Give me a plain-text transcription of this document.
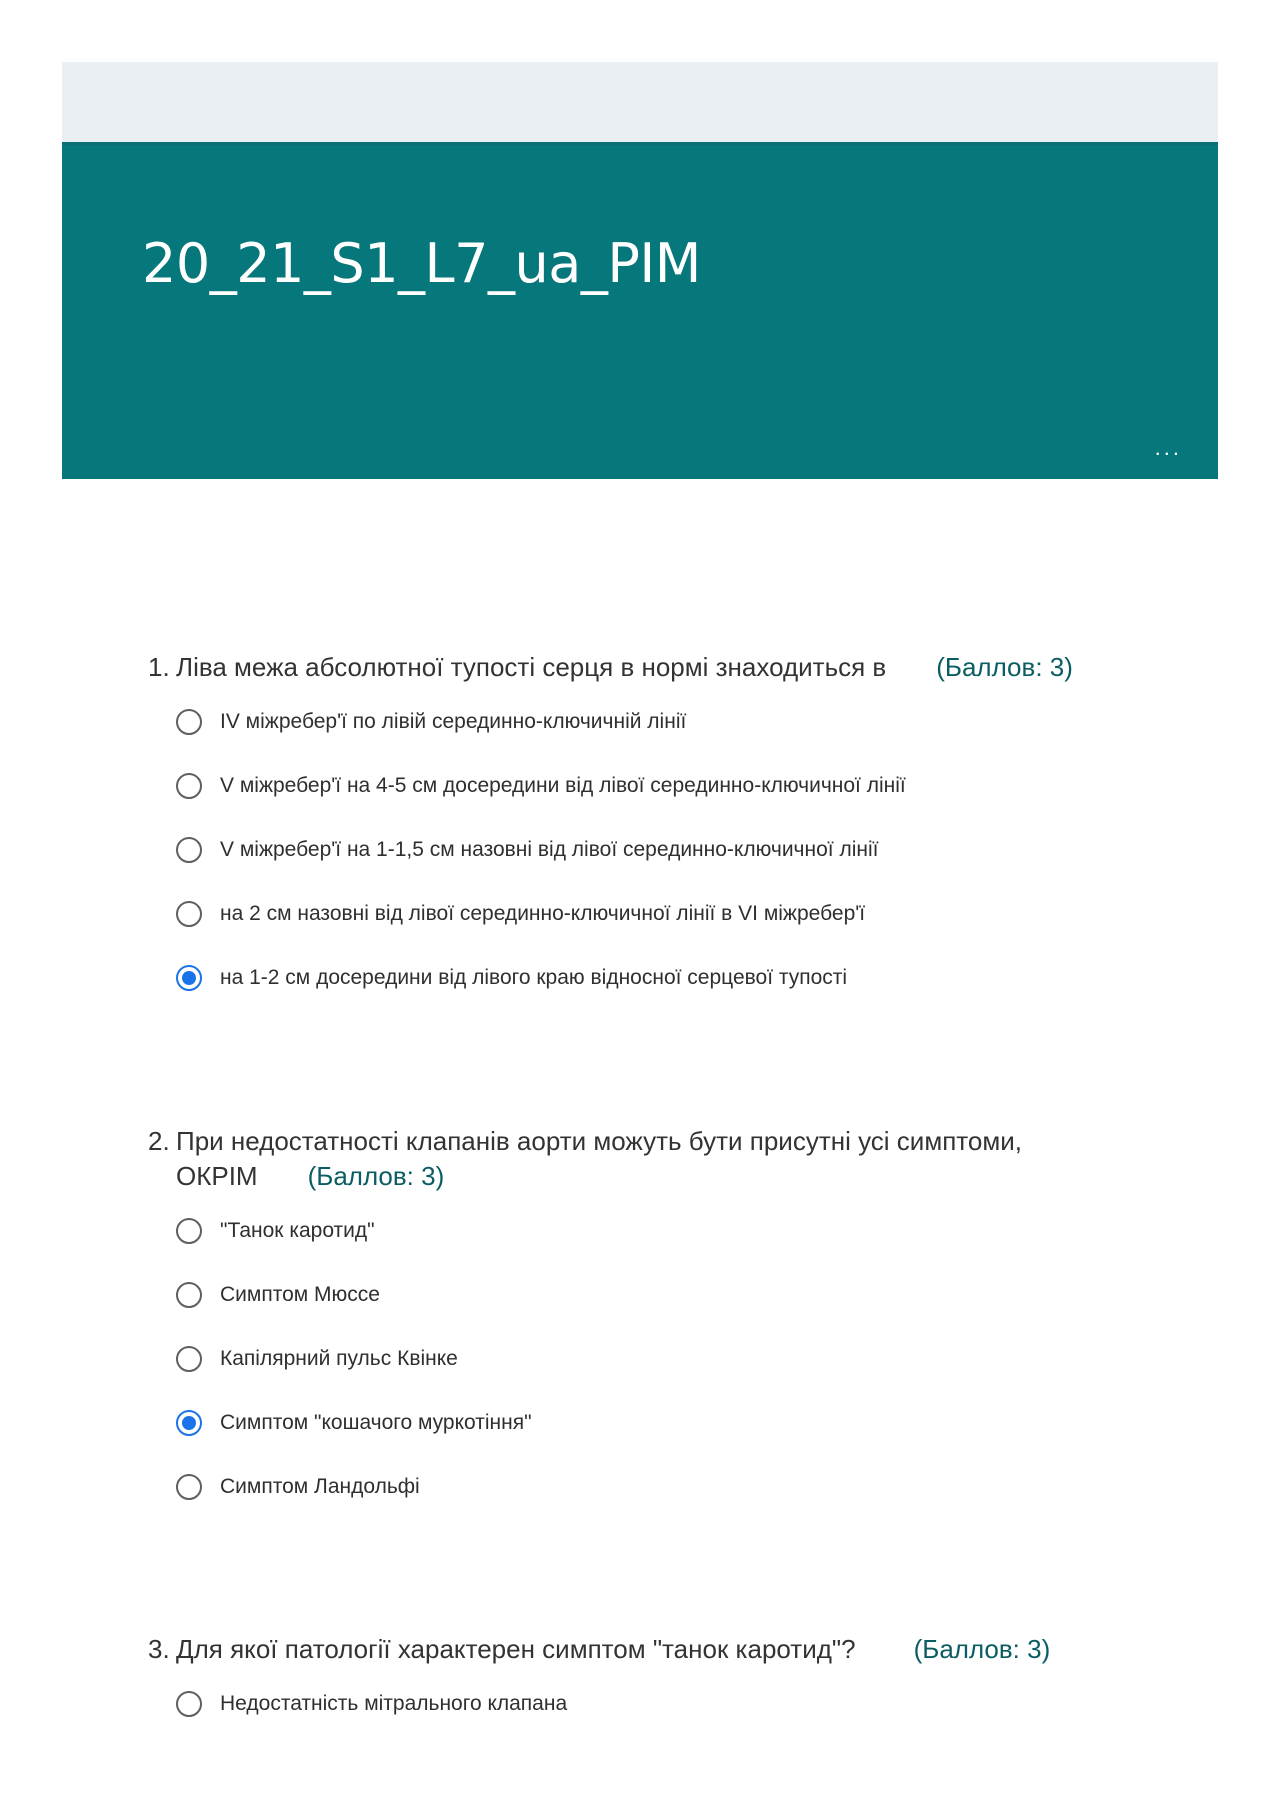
20_21_S1_L7_ua_PIM
...

1. Ліва межа абсолютної тупості серця в нормі знаходиться в (Баллов: 3)

IV міжребер'ї по лівій серединно-ключичній лінії
V міжребер'ї на 4-5 см досередини від лівої серединно-ключичної лінії
V міжребер'ї на 1-1,5 см назовні від лівої серединно-ключичної лінії
на 2 см назовні від лівої серединно-ключичної лінії в VI міжребер'ї
на 1-2 см досередини від лівого краю відносної серцевої тупості

2. При недостатності клапанів аорти можуть бути присутні усі симптоми,
ОКРІМ (Баллов: 3)

"Танок каротид"
Симптом Мюссе
Капілярний пульс Квінке
Симптом "кошачого муркотіння"
Симптом Ландольфі

3. Для якої патології характерен симптом "танок каротид"? (Баллов: 3)

Недостатність мітрального клапана
